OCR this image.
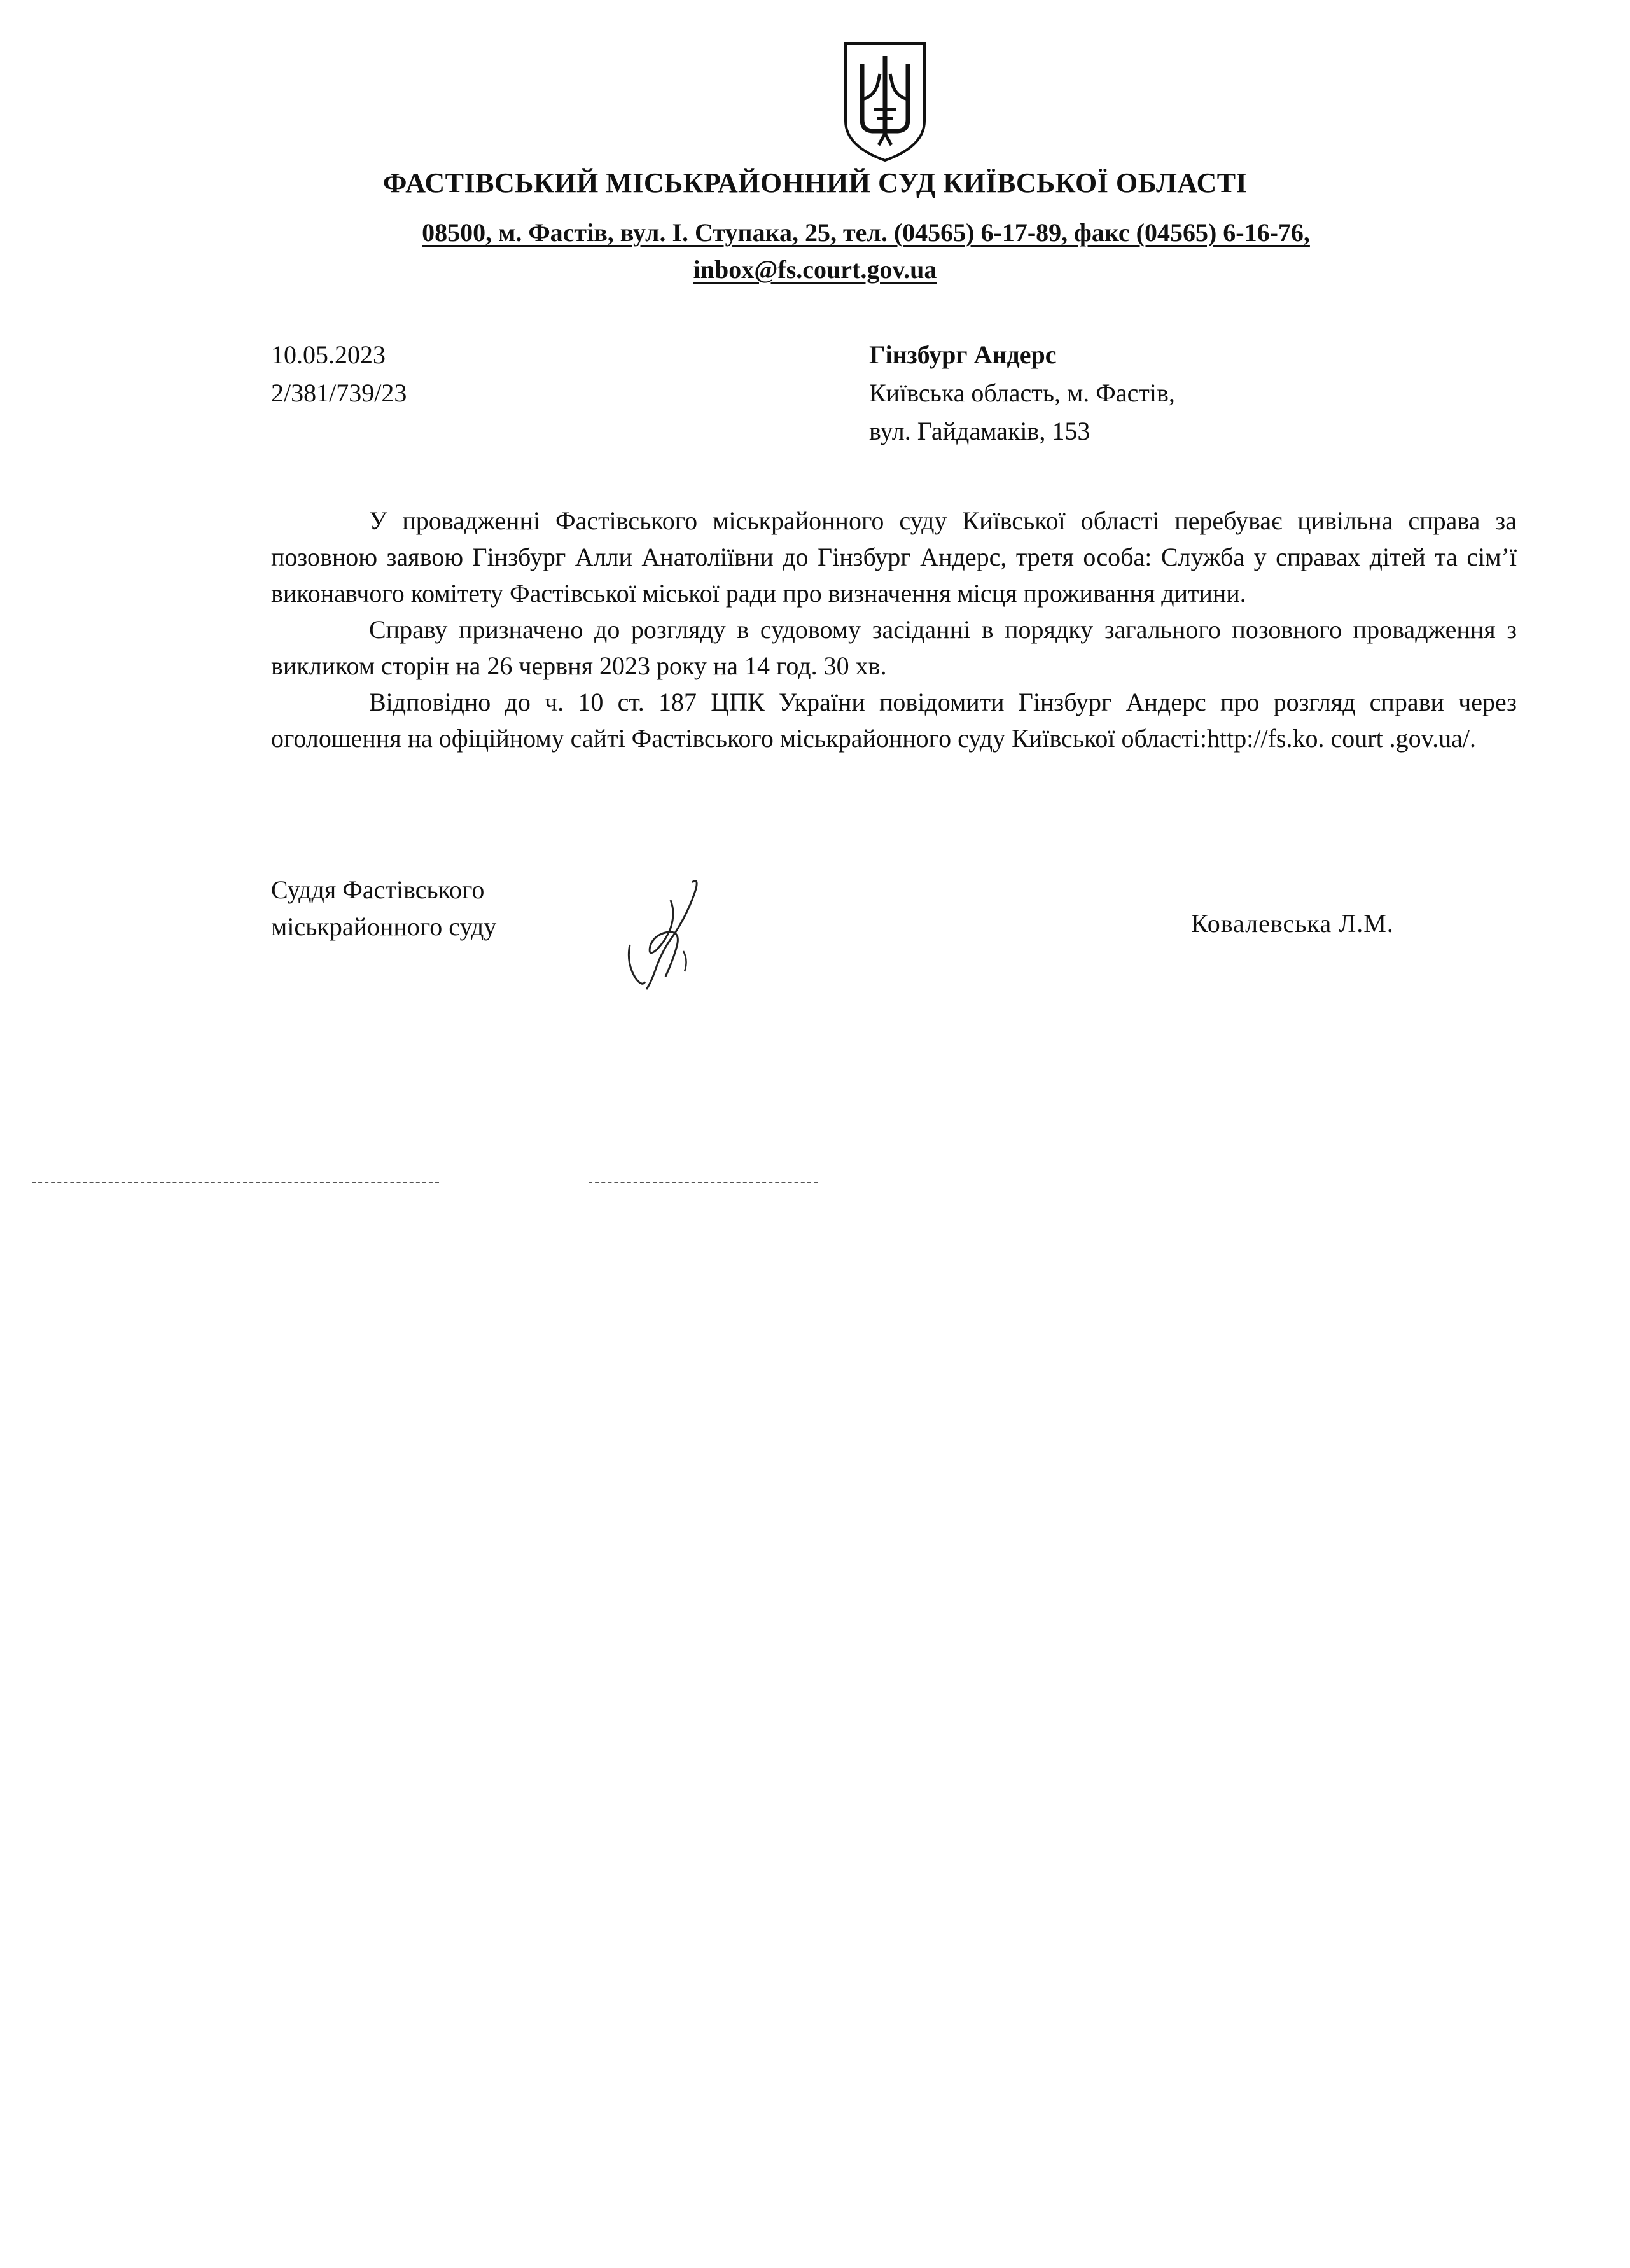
ФАСТІВСЬКИЙ МІСЬКРАЙОННИЙ СУД КИЇВСЬКОЇ ОБЛАСТІ
08500, м. Фастів, вул. І. Ступака, 25, тел. (04565) 6-17-89, факс (04565) 6-16-76,
inbox@fs.court.gov.ua
10.05.2023
2/381/739/23
Гінзбург Андерс
Київська область, м. Фастів,
вул. Гайдамаків, 153

У провадженні Фастівського міськрайонного суду Київської області перебуває цивільна справа за позовною заявою Гінзбург Алли Анатоліївни до Гінзбург Андерс, третя особа: Служба у справах дітей та сім’ї виконавчого комітету Фастівської міської ради про визначення місця проживання дитини.

Справу призначено до розгляду в судовому засіданні в порядку загального позовного провадження з викликом сторін на 26 червня 2023 року на 14 год. 30 хв.

Відповідно до ч. 10 ст. 187 ЦПК України повідомити Гінзбург Андерс про розгляд справи через оголошення на офіційному сайті Фастівського міськрайонного суду Київської області:http://fs.ko. court .gov.ua/.

Суддя Фастівського
міськрайонного суду	Ковалевська Л.М.
